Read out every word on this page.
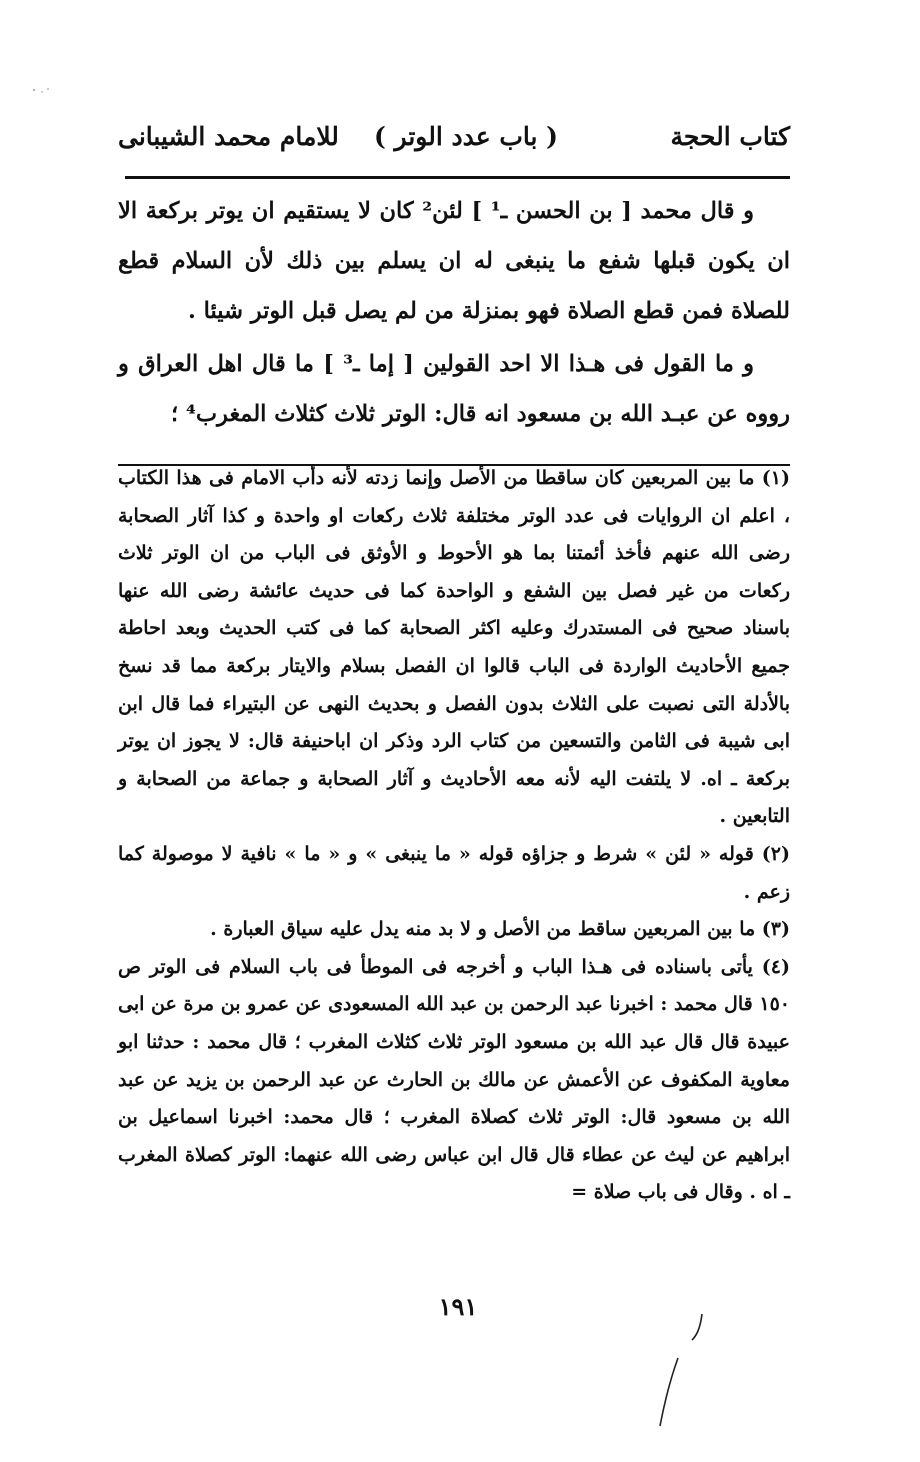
كتاب الحجة
( باب عدد الوتر )
للامام محمد الشيبانى

و قال محمد [ بن الحسن ـ¹ ] لئن² كان لا يستقيم ان يوتر بركعة الا ان يكون قبلها شفع ما ينبغى له ان يسلم بين ذلك لأن السلام قطع للصلاة فمن قطع الصلاة فهو بمنزلة من لم يصل قبل الوتر شيئا .

و ما القول فى هـذا الا احد القولين [ إما ـ³ ] ما قال اهل العراق و رووه عن عبـد الله بن مسعود انه قال: الوتر ثلاث كثلاث المغرب⁴ ؛

(١) ما بين المربعين كان ساقطا من الأصل وإنما زدته لأنه دأب الامام فى هذا الكتاب ، اعلم ان الروايات فى عدد الوتر مختلفة ثلاث ركعات او واحدة و كذا آثار الصحابة رضى الله عنهم فأخذ أئمتنا بما هو الأحوط و الأوثق فى الباب من ان الوتر ثلاث ركعات من غير فصل بين الشفع و الواحدة كما فى حديث عائشة رضى الله عنها باسناد صحيح فى المستدرك وعليه اكثر الصحابة كما فى كتب الحديث وبعد احاطة جميع الأحاديث الواردة فى الباب قالوا ان الفصل بسلام والايتار بركعة مما قد نسخ بالأدلة التى نصبت على الثلاث بدون الفصل و بحديث النهى عن البتيراء فما قال ابن ابى شيبة فى الثامن والتسعين من كتاب الرد وذكر ان اباحنيفة قال: لا يجوز ان يوتر بركعة ـ اه. لا يلتفت اليه لأنه معه الأحاديث و آثار الصحابة و جماعة من الصحابة و التابعين .

(٢) قوله « لئن » شرط و جزاؤه قوله « ما ينبغى » و « ما » نافية لا موصولة كما زعم .

(٣) ما بين المربعين ساقط من الأصل و لا بد منه يدل عليه سياق العبارة .

(٤) يأتى باسناده فى هـذا الباب و أخرجه فى الموطأ فى باب السلام فى الوتر ص ١٥٠ قال محمد : اخبرنا عبد الرحمن بن عبد الله المسعودى عن عمرو بن مرة عن ابى عبيدة قال قال عبد الله بن مسعود الوتر ثلاث كثلاث المغرب ؛ قال محمد : حدثنا ابو معاوية المكفوف عن الأعمش عن مالك بن الحارث عن عبد الرحمن بن يزيد عن عبد الله بن مسعود قال: الوتر ثلاث كصلاة المغرب ؛ قال محمد: اخبرنا اسماعيل بن ابراهيم عن ليث عن عطاء قال قال ابن عباس رضى الله عنهما: الوتر كصلاة المغرب ـ اه . وقال فى باب صلاة =

١٩١
